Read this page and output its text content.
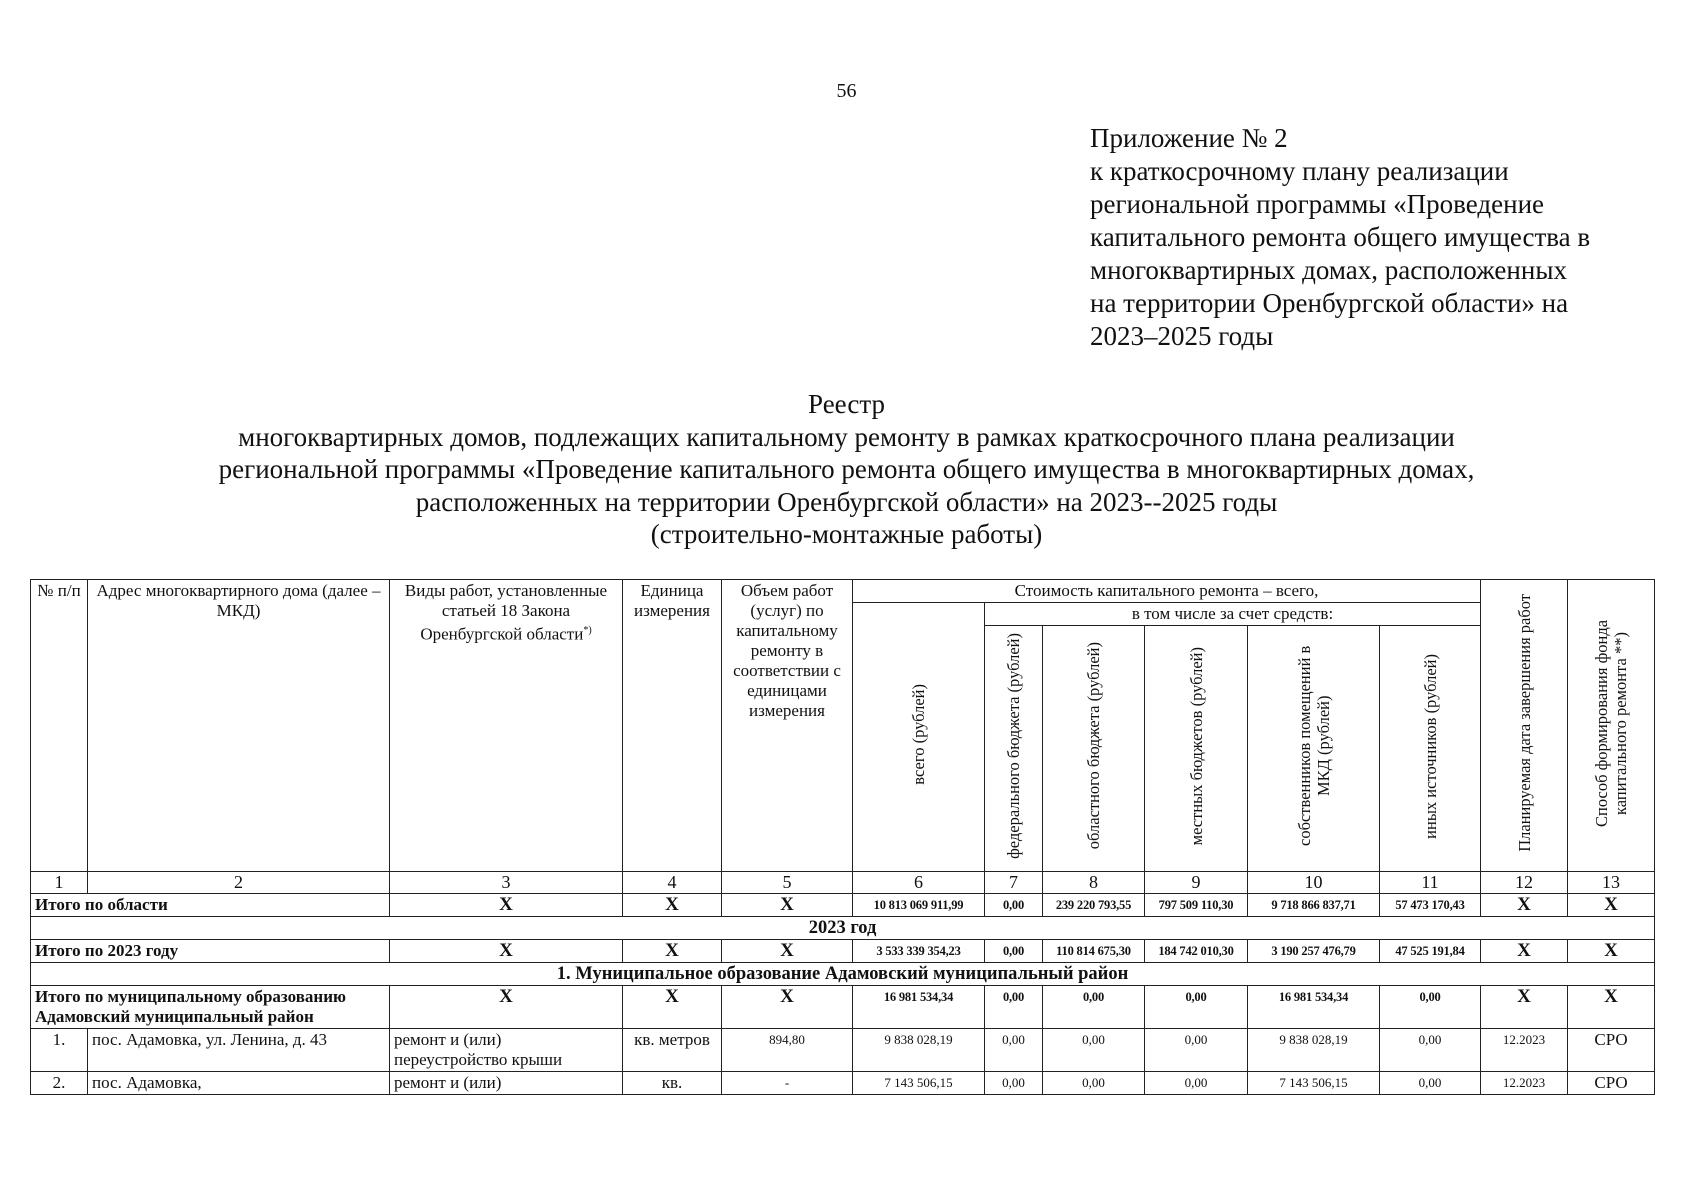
56
Приложение № 2
к краткосрочному плану реализации
региональной программы «Проведение
капитального ремонта общего имущества в
многоквартирных домах, расположенных
на территории Оренбургской области» на
2023–2025 годы
Реестр
многоквартирных домов, подлежащих капитальному ремонту в рамках краткосрочного плана реализации
региональной программы «Проведение капитального ремонта общего имущества в многоквартирных домах,
расположенных на территории Оренбургской области» на 2023--2025 годы
(строительно-монтажные работы)
№ п/п	Адрес многоквартирного дома (далее – МКД)	Виды работ, установленные статьей 18 Закона Оренбургской области*)	Единица измерения	Объем работ (услуг) по капитальному ремонту в соответствии с единицами измерения	Стоимость капитального ремонта – всего,						Планируемая дата завершения работ	Способ формирования фонда капитального ремонта **)
					всего (рублей)	в том числе за счет средств:						
						федерального бюджета (рублей)	областного бюджета (рублей)	местных бюджетов (рублей)	собственников помещений в МКД (рублей)	иных источников (рублей)		
1	2	3	4	5	6	7	8	9	10	11	12	13
Итого по области		X	X	X	10 813 069 911,99	0,00	239 220 793,55	797 509 110,30	9 718 866 837,71	57 473 170,43	X	X
2023 год												
Итого по 2023 году		X	X	X	3 533 339 354,23	0,00	110 814 675,30	184 742 010,30	3 190 257 476,79	47 525 191,84	X	X
1. Муниципальное образование Адамовский муниципальный район												
Итого по муниципальному образованию Адамовский муниципальный район		X	X	X	16 981 534,34	0,00	0,00	0,00	16 981 534,34	0,00	X	X
1.	пос. Адамовка, ул. Ленина, д. 43	ремонт и (или) переустройство крыши	кв. метров	894,80	9 838 028,19	0,00	0,00	0,00	9 838 028,19	0,00	12.2023	СРО
2.	пос. Адамовка,	ремонт и (или)	кв.	-	7 143 506,15	0,00	0,00	0,00	7 143 506,15	0,00	12.2023	СРО
